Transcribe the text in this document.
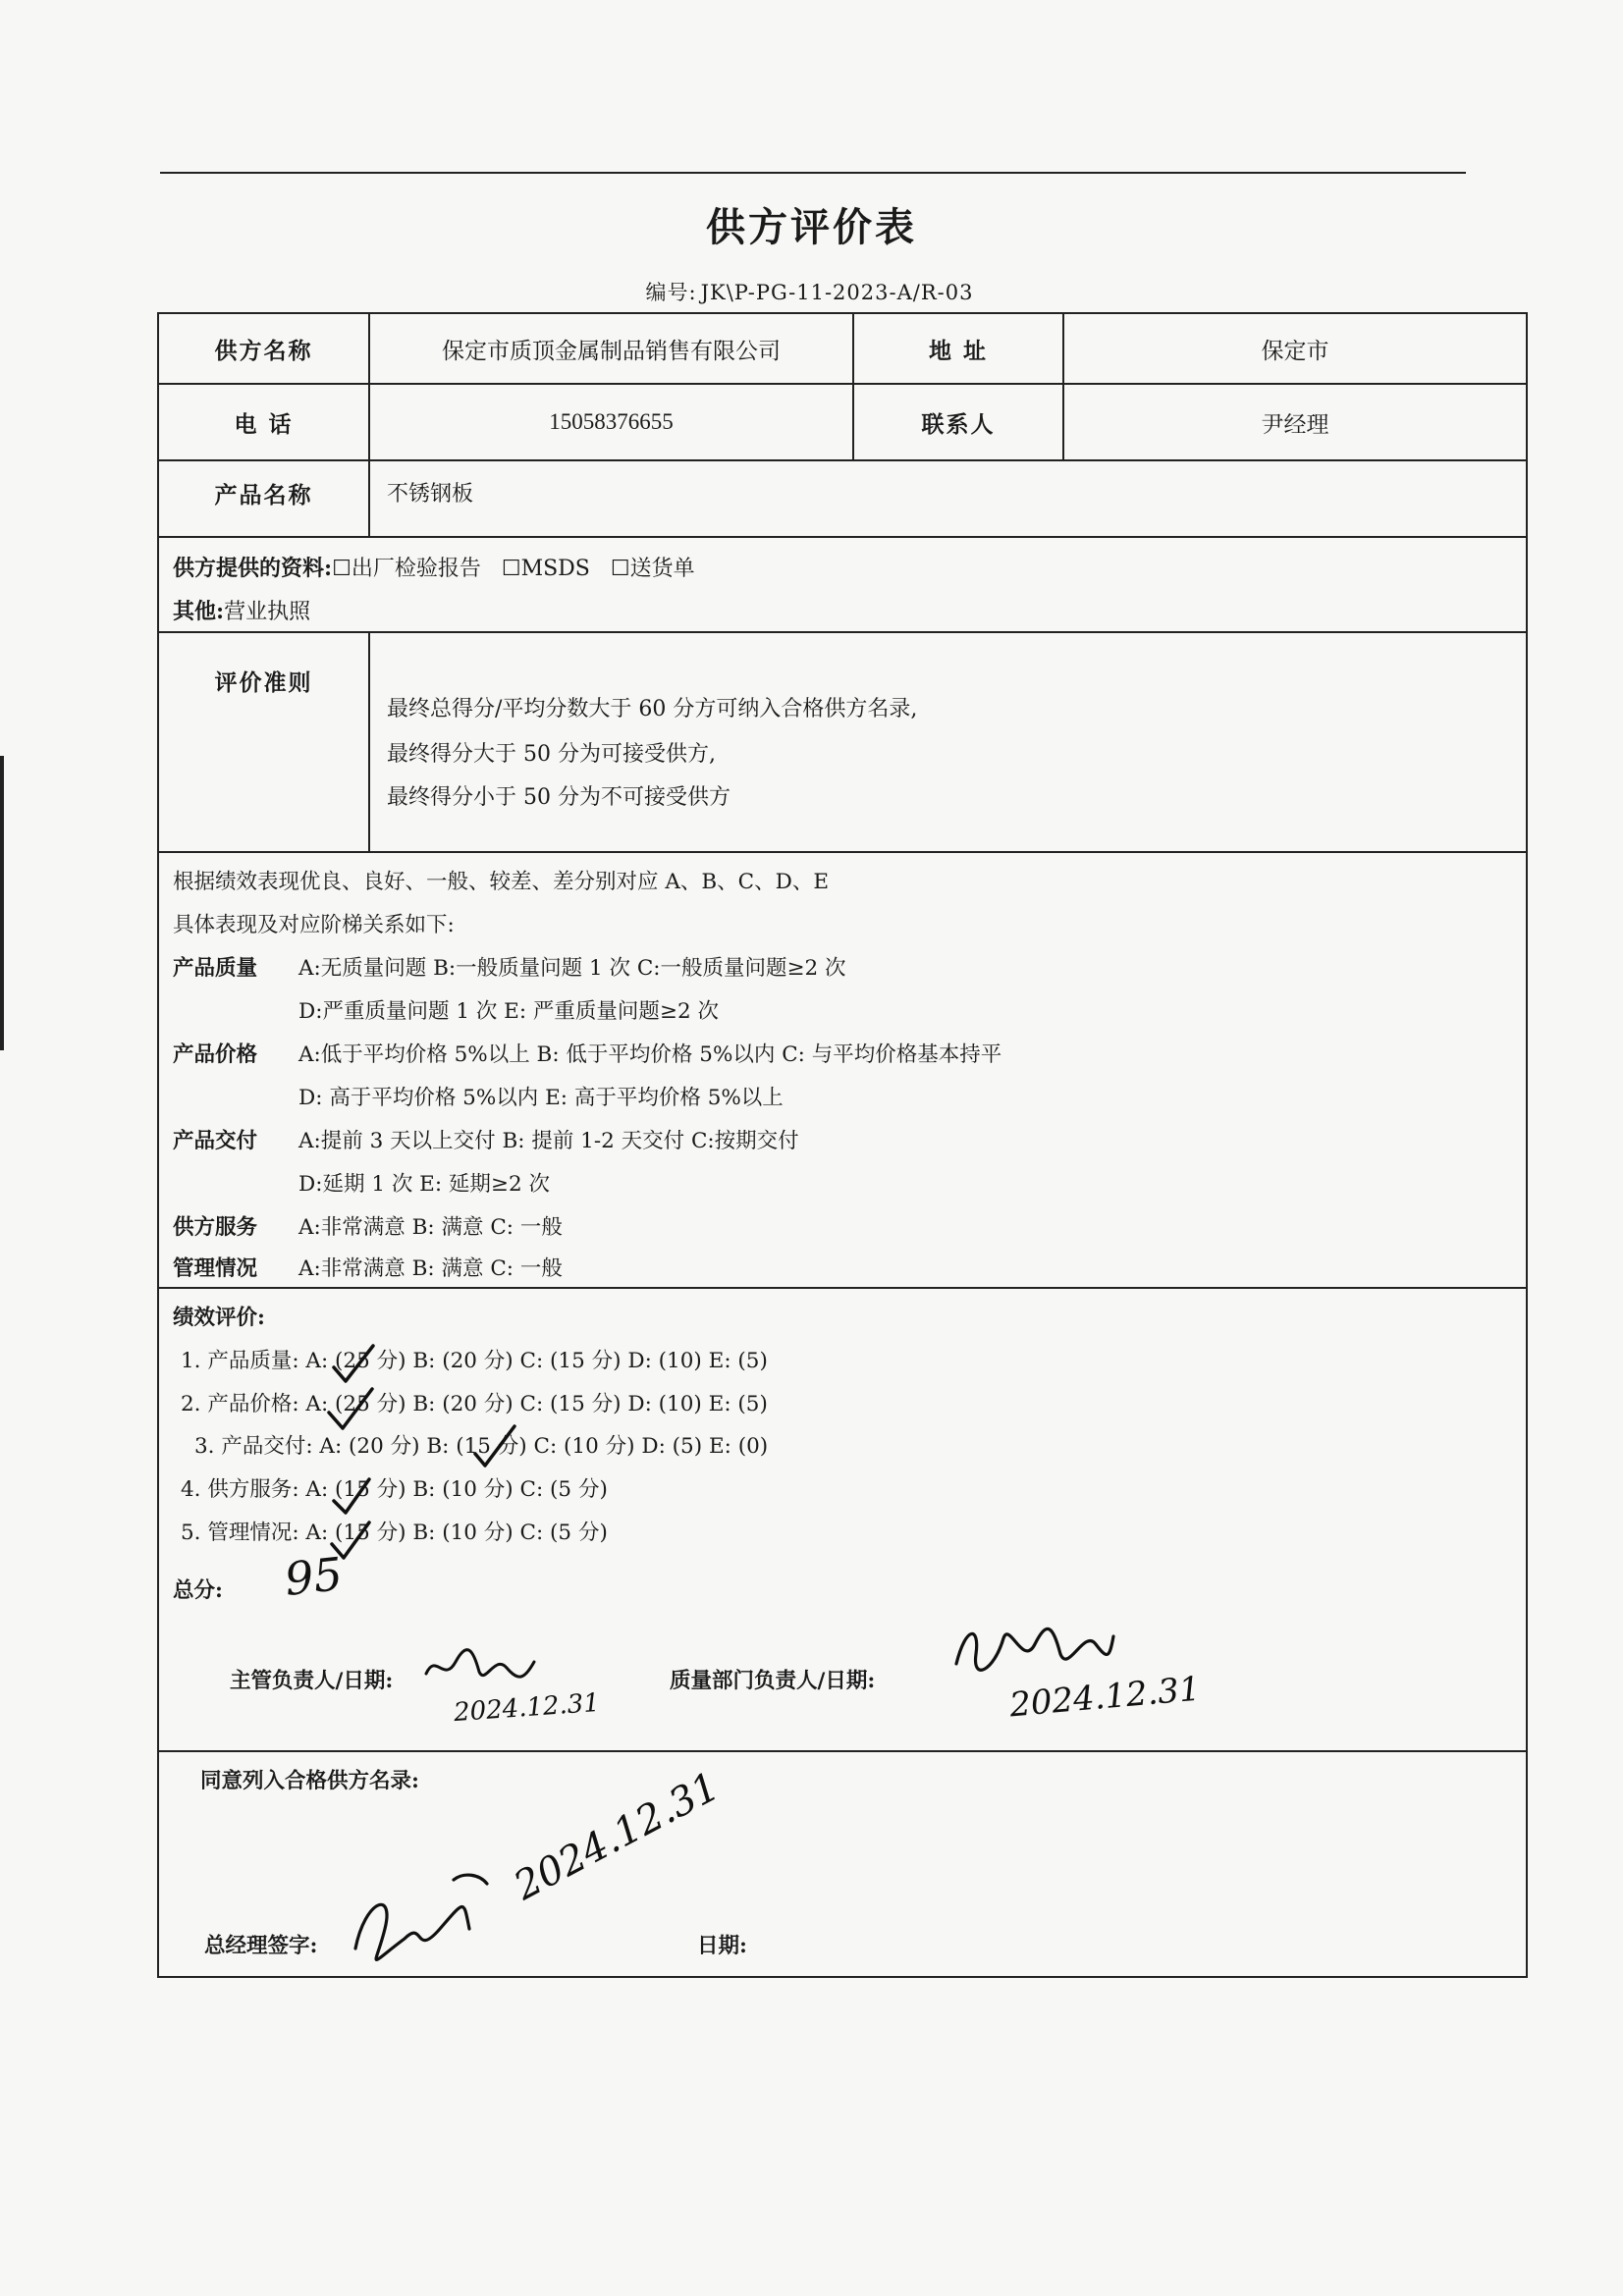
供方评价表
编号: JK\P-PG-11-2023-A/R-03
供方名称	保定市质顶金属制品销售有限公司	地 址	保定市
电 话	15058376655	联系人	尹经理
产品名称	不锈钢板
供方提供的资料:☐出厂检验报告 ☐MSDS ☐送货单
其他:营业执照
评价准则
最终总得分/平均分数大于 60 分方可纳入合格供方名录,
最终得分大于 50 分为可接受供方,
最终得分小于 50 分为不可接受供方
根据绩效表现优良、良好、一般、较差、差分别对应 A、B、C、D、E
具体表现及对应阶梯关系如下:
产品质量 A:无质量问题 B:一般质量问题 1 次 C:一般质量问题≥2 次
D:严重质量问题 1 次 E: 严重质量问题≥2 次
产品价格 A:低于平均价格 5%以上 B: 低于平均价格 5%以内 C: 与平均价格基本持平
D: 高于平均价格 5%以内 E: 高于平均价格 5%以上
产品交付 A:提前 3 天以上交付 B: 提前 1-2 天交付 C:按期交付
D:延期 1 次 E: 延期≥2 次
供方服务 A:非常满意 B: 满意 C: 一般
管理情况 A:非常满意 B: 满意 C: 一般
绩效评价:
1. 产品质量: A: (25 分) B: (20 分) C: (15 分) D: (10) E: (5)
2. 产品价格: A: (25 分) B: (20 分) C: (15 分) D: (10) E: (5)
3. 产品交付: A: (20 分) B: (15 分) C: (10 分) D: (5) E: (0)
4. 供方服务: A: (15 分) B: (10 分) C: (5 分)
5. 管理情况: A: (15 分) B: (10 分) C: (5 分)
总分: 95
主管负责人/日期:
2024.12.31
质量部门负责人/日期:	2024.12.31
同意列入合格供方名录:
总经理签字:
2024.12.31
日期:
